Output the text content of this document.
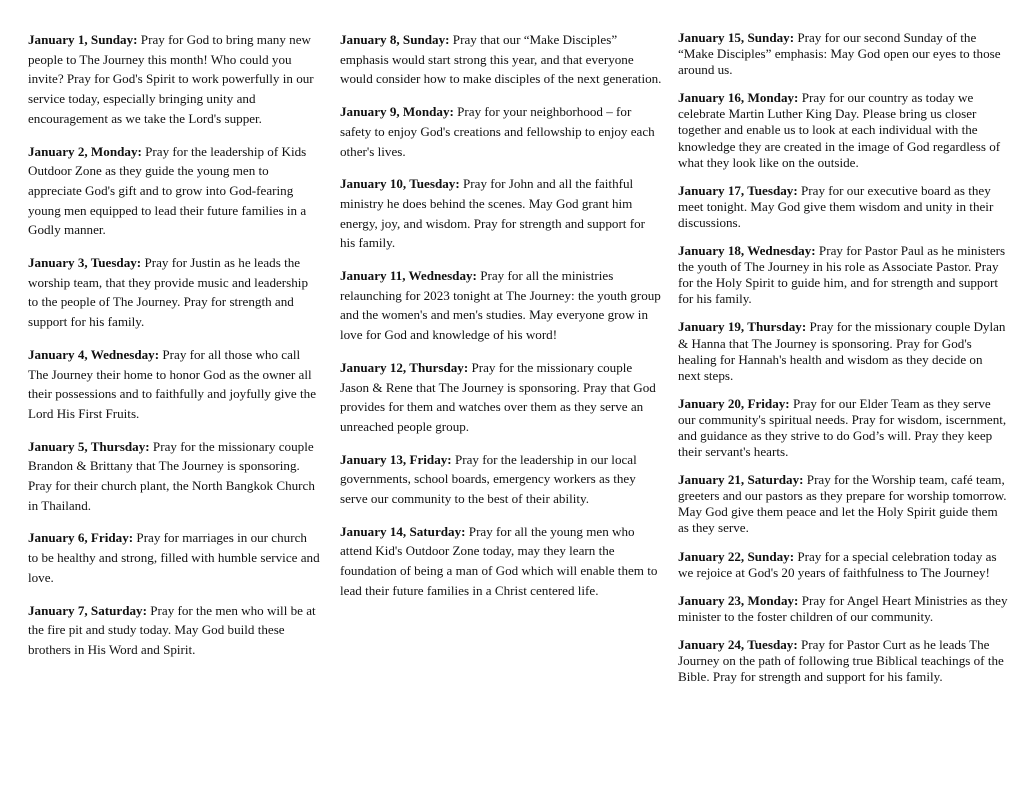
January 1, Sunday: Pray for God to bring many new people to The Journey this month! Who could you invite? Pray for God's Spirit to work powerfully in our service today, especially bringing unity and encouragement as we take the Lord's supper.

January 2, Monday: Pray for the leadership of Kids Outdoor Zone as they guide the young men to appreciate God's gift and to grow into God-fearing young men equipped to lead their future families in a Godly manner.

January 3, Tuesday: Pray for Justin as he leads the worship team, that they provide music and leadership to the people of The Journey. Pray for strength and support for his family.

January 4, Wednesday: Pray for all those who call The Journey their home to honor God as the owner all their possessions and to faithfully and joyfully give the Lord His First Fruits.

January 5, Thursday: Pray for the missionary couple Brandon & Brittany that The Journey is sponsoring. Pray for their church plant, the North Bangkok Church in Thailand.

January 6, Friday: Pray for marriages in our church to be healthy and strong, filled with humble service and love.

January 7, Saturday: Pray for the men who will be at the fire pit and study today. May God build these brothers in His Word and Spirit.

January 8, Sunday: Pray that our “Make Disciples” emphasis would start strong this year, and that everyone would consider how to make disciples of the next generation.

January 9, Monday: Pray for your neighborhood – for safety to enjoy God's creations and fellowship to enjoy each other's lives.

January 10, Tuesday: Pray for John and all the faithful ministry he does behind the scenes. May God grant him energy, joy, and wisdom. Pray for strength and support for his family.

January 11, Wednesday: Pray for all the ministries relaunching for 2023 tonight at The Journey: the youth group and the women's and men's studies. May everyone grow in love for God and knowledge of his word!

January 12, Thursday: Pray for the missionary couple Jason & Rene that The Journey is sponsoring. Pray that God provides for them and watches over them as they serve an unreached people group.

January 13, Friday: Pray for the leadership in our local governments, school boards, emergency workers as they serve our community to the best of their ability.

January 14, Saturday: Pray for all the young men who attend Kid's Outdoor Zone today, may they learn the foundation of being a man of God which will enable them to lead their future families in a Christ centered life.

January 15, Sunday: Pray for our second Sunday of the “Make Disciples” emphasis: May God open our eyes to those around us.

January 16, Monday: Pray for our country as today we celebrate Martin Luther King Day. Please bring us closer together and enable us to look at each individual with the knowledge they are created in the image of God regardless of what they look like on the outside.

January 17, Tuesday: Pray for our executive board as they meet tonight. May God give them wisdom and unity in their discussions.

January 18, Wednesday: Pray for Pastor Paul as he ministers the youth of The Journey in his role as Associate Pastor. Pray for the Holy Spirit to guide him, and for strength and support for his family.

January 19, Thursday: Pray for the missionary couple Dylan & Hanna that The Journey is sponsoring. Pray for God's healing for Hannah's health and wisdom as they decide on next steps.

January 20, Friday: Pray for our Elder Team as they serve our community's spiritual needs. Pray for wisdom, iscernment, and guidance as they strive to do God’s will. Pray they keep their servant's hearts.

January 21, Saturday: Pray for the Worship team, café team, greeters and our pastors as they prepare for worship tomorrow. May God give them peace and let the Holy Spirit guide them as they serve.

January 22, Sunday: Pray for a special celebration today as we rejoice at God's 20 years of faithfulness to The Journey!

January 23, Monday: Pray for Angel Heart Ministries as they minister to the foster children of our community.

January 24, Tuesday: Pray for Pastor Curt as he leads The Journey on the path of following true Biblical teachings of the Bible. Pray for strength and support for his family.
